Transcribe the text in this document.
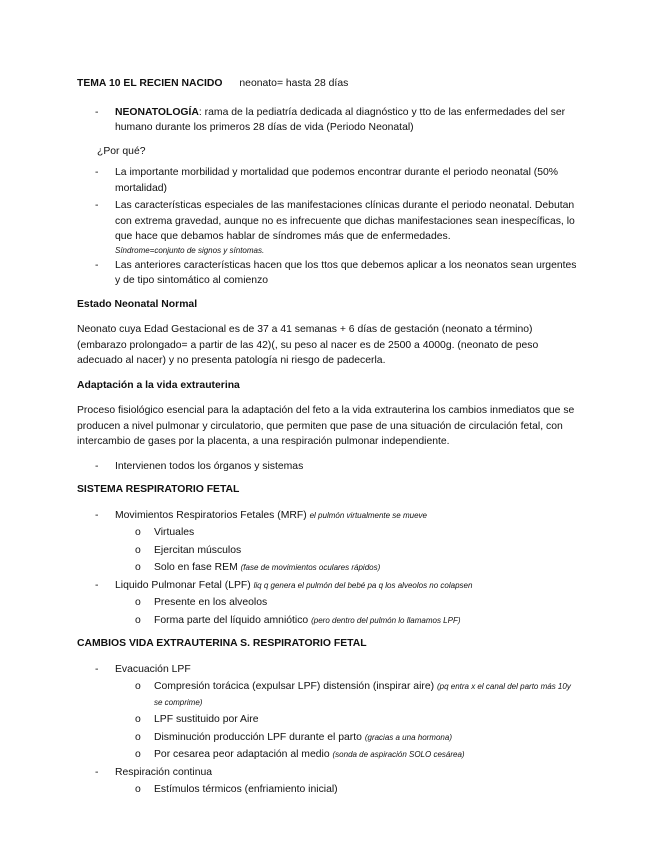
TEMA 10 EL RECIEN NACIDO neonato= hasta 28 días
- NEONATOLOGÍA: rama de la pediatría dedicada al diagnóstico y tto de las enfermedades del ser humano durante los primeros 28 días de vida (Periodo Neonatal)
¿Por qué?
- La importante morbilidad y mortalidad que podemos encontrar durante el periodo neonatal (50% mortalidad)
- Las características especiales de las manifestaciones clínicas durante el periodo neonatal. Debutan con extrema gravedad, aunque no es infrecuente que dichas manifestaciones sean inespecíficas, lo que hace que debamos hablar de síndromes más que de enfermedades.
Síndrome=conjunto de signos y síntomas.
- Las anteriores características hacen que los ttos que debemos aplicar a los neonatos sean urgentes y de tipo sintomático al comienzo
Estado Neonatal Normal
Neonato cuya Edad Gestacional es de 37 a 41 semanas + 6 días de gestación (neonato a término) (embarazo prolongado= a partir de las 42)(, su peso al nacer es de 2500 a 4000g. (neonato de peso adecuado al nacer) y no presenta patología ni riesgo de padecerla.
Adaptación a la vida extrauterina
Proceso fisiológico esencial para la adaptación del feto a la vida extrauterina los cambios inmediatos que se producen a nivel pulmonar y circulatorio, que permiten que pase de una situación de circulación fetal, con intercambio de gases por la placenta, a una respiración pulmonar independiente.
- Intervienen todos los órganos y sistemas
SISTEMA RESPIRATORIO FETAL
- Movimientos Respiratorios Fetales (MRF) el pulmón virtualmente se mueve
o Virtuales
o Ejercitan músculos
o Solo en fase REM (fase de movimientos oculares rápidos)
- Liquido Pulmonar Fetal (LPF) liq q genera el pulmón del bebé pa q los alveolos no colapsen
o Presente en los alveolos
o Forma parte del líquido amniótico (pero dentro del pulmón lo llamamos LPF)
CAMBIOS VIDA EXTRAUTERINA S. RESPIRATORIO FETAL
- Evacuación LPF
o Compresión torácica (expulsar LPF) distensión (inspirar aire) (pq entra x el canal del parto más 10y se comprime)
o LPF sustituido por Aire
o Disminución producción LPF durante el parto (gracias a una hormona)
o Por cesarea peor adaptación al medio (sonda de aspiración SOLO cesárea)
- Respiración continua
o Estímulos térmicos (enfriamiento inicial)
